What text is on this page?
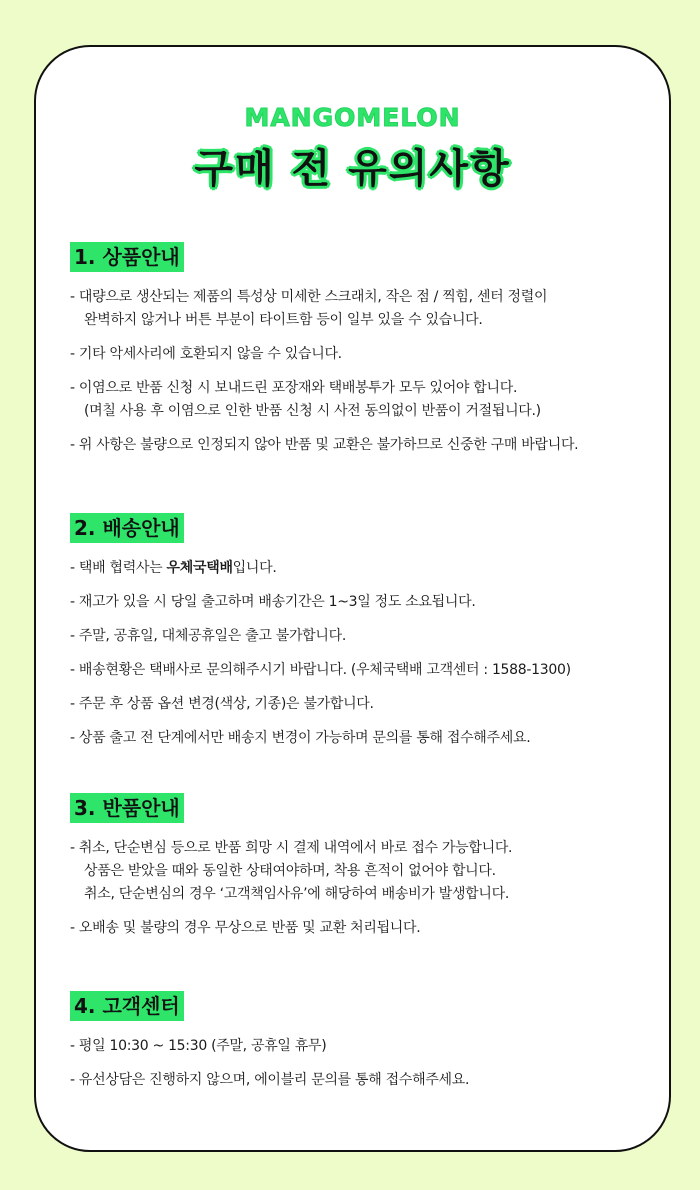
MANGOMELON
구매 전 유의사항
1. 상품안내
- 대량으로 생산되는 제품의 특성상 미세한 스크래치, 작은 점 / 찍힘, 센터 정렬이
완벽하지 않거나 버튼 부분이 타이트함 등이 일부 있을 수 있습니다.
- 기타 악세사리에 호환되지 않을 수 있습니다.
- 이염으로 반품 신청 시 보내드린 포장재와 택배봉투가 모두 있어야 합니다.
(며칠 사용 후 이염으로 인한 반품 신청 시 사전 동의없이 반품이 거절됩니다.)
- 위 사항은 불량으로 인정되지 않아 반품 및 교환은 불가하므로 신중한 구매 바랍니다.
2. 배송안내
- 택배 협력사는 우체국택배입니다.
- 재고가 있을 시 당일 출고하며 배송기간은 1~3일 정도 소요됩니다.
- 주말, 공휴일, 대체공휴일은 출고 불가합니다.
- 배송현황은 택배사로 문의해주시기 바랍니다. (우체국택배 고객센터 : 1588-1300)
- 주문 후 상품 옵션 변경(색상, 기종)은 불가합니다.
- 상품 출고 전 단계에서만 배송지 변경이 가능하며 문의를 통해 접수해주세요.
3. 반품안내
- 취소, 단순변심 등으로 반품 희망 시 결제 내역에서 바로 접수 가능합니다.
상품은 받았을 때와 동일한 상태여야하며, 착용 흔적이 없어야 합니다.
취소, 단순변심의 경우 ‘고객책임사유’에 해당하여 배송비가 발생합니다.
- 오배송 및 불량의 경우 무상으로 반품 및 교환 처리됩니다.
4. 고객센터
- 평일 10:30 ~ 15:30 (주말, 공휴일 휴무)
- 유선상담은 진행하지 않으며, 에이블리 문의를 통해 접수해주세요.
